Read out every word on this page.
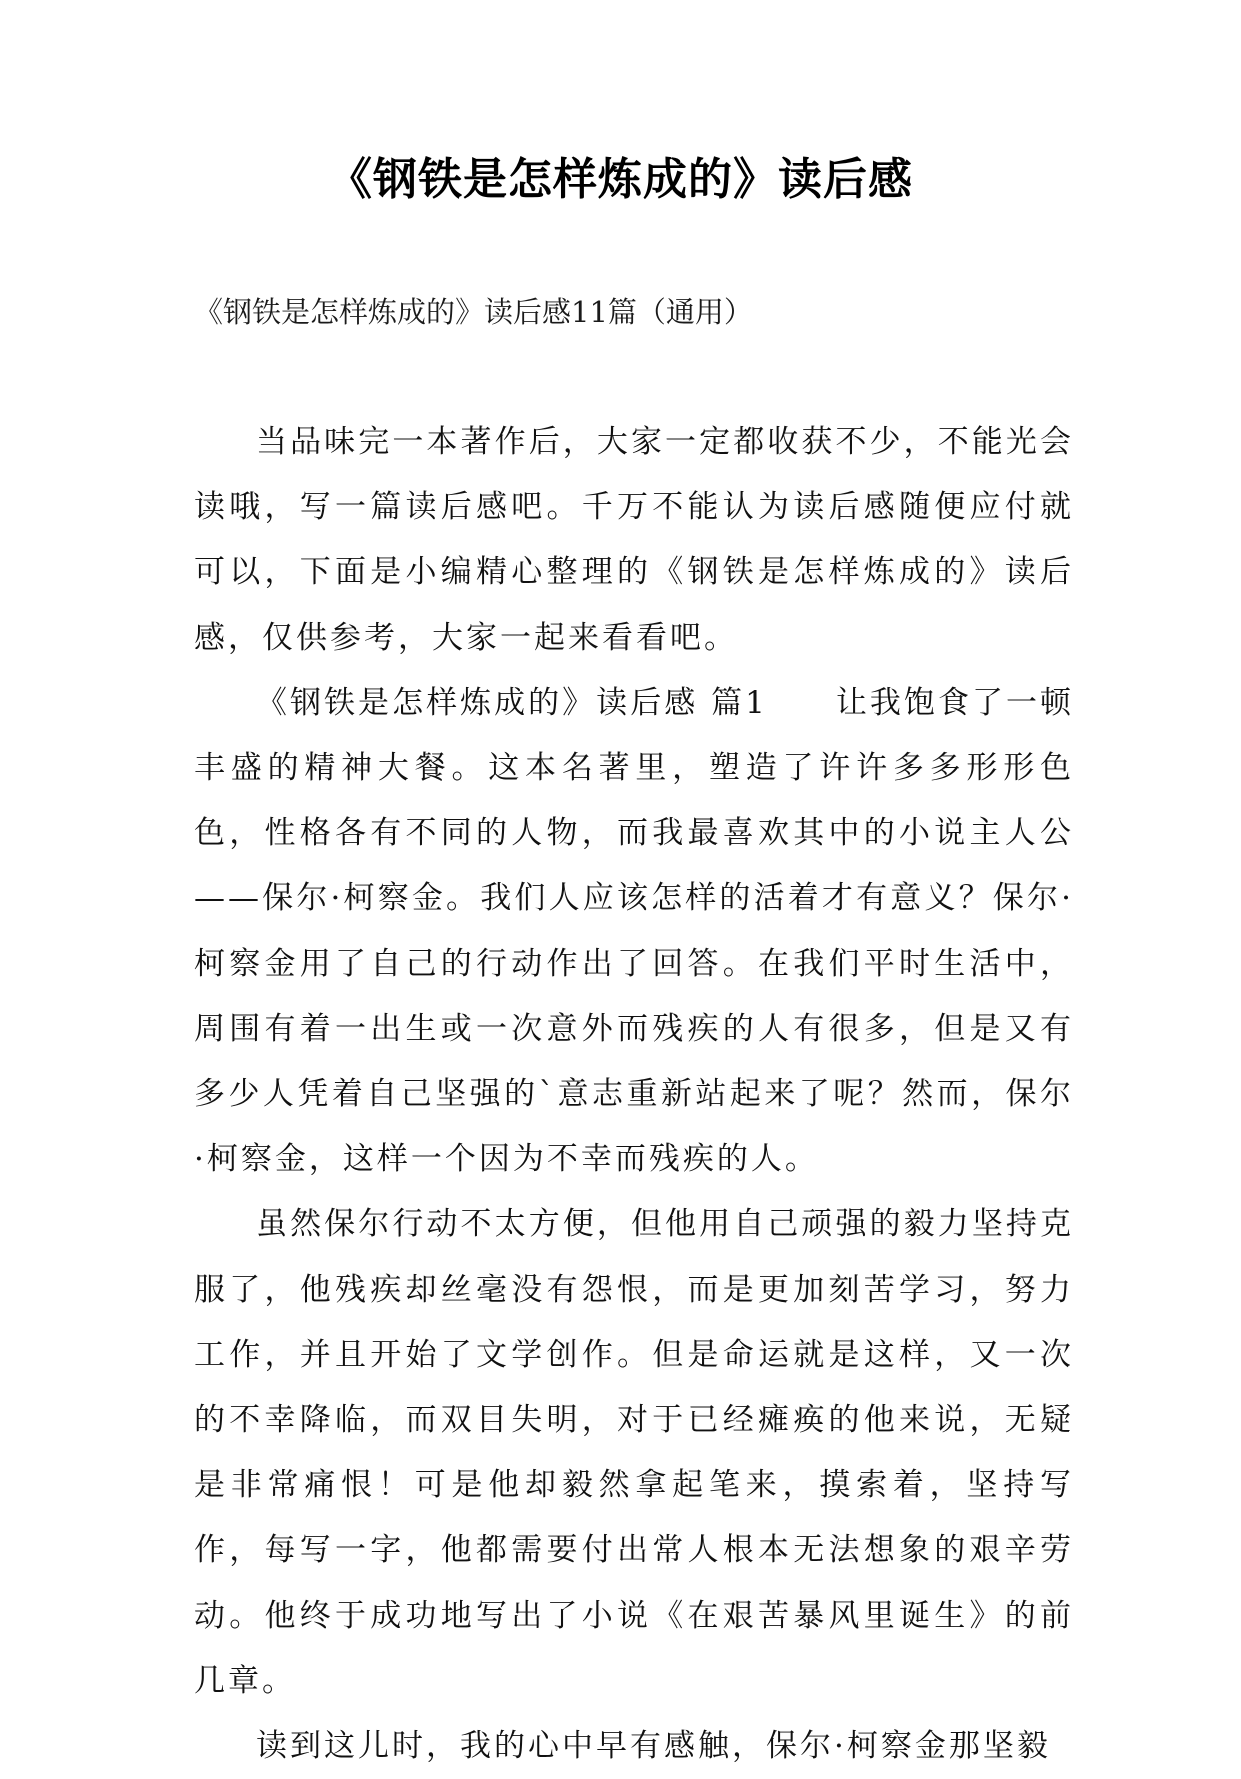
《钢铁是怎样炼成的》读后感
《钢铁是怎样炼成的》读后感11篇（通用）

当品味完一本著作后，大家一定都收获不少，不能光会读哦，写一篇读后感吧。千万不能认为读后感随便应付就可以，下面是小编精心整理的《钢铁是怎样炼成的》读后感，仅供参考，大家一起来看看吧。

《钢铁是怎样炼成的》读后感 篇1　　让我饱食了一顿丰盛的精神大餐。这本名著里，塑造了许许多多形形色色，性格各有不同的人物，而我最喜欢其中的小说主人公——保尔·柯察金。我们人应该怎样的活着才有意义？保尔·柯察金用了自己的行动作出了回答。在我们平时生活中，周围有着一出生或一次意外而残疾的人有很多，但是又有多少人凭着自己坚强的`意志重新站起来了呢？然而，保尔·柯察金，这样一个因为不幸而残疾的人。

虽然保尔行动不太方便，但他用自己顽强的毅力坚持克服了，他残疾却丝毫没有怨恨，而是更加刻苦学习，努力工作，并且开始了文学创作。但是命运就是这样，又一次的不幸降临，而双目失明，对于已经瘫痪的他来说，无疑是非常痛恨！可是他却毅然拿起笔来，摸索着，坚持写作，每写一字，他都需要付出常人根本无法想象的艰辛劳动。他终于成功地写出了小说《在艰苦暴风里诞生》的前几章。

读到这儿时，我的心中早有感触，保尔·柯察金那坚毅
